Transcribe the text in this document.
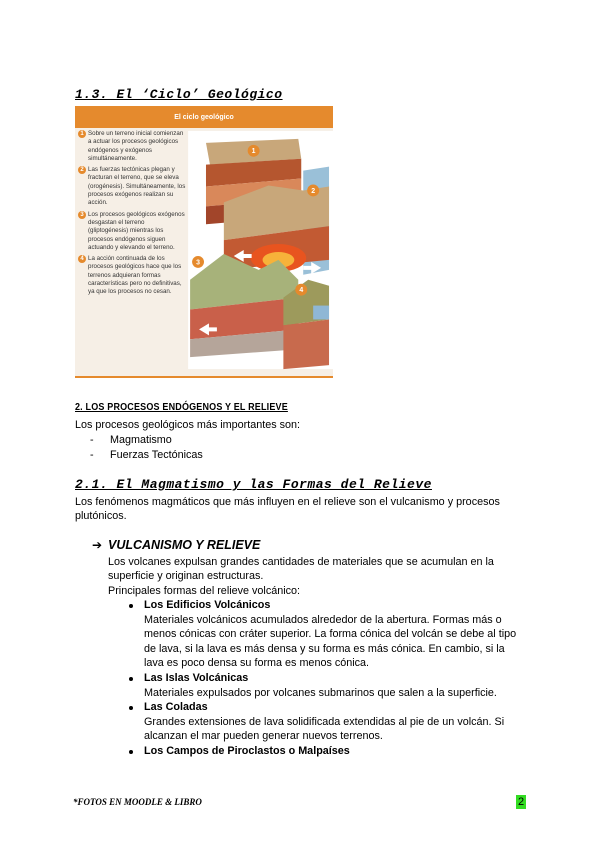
1.3. El ‘Ciclo’ Geológico
El ciclo geológico

1 Sobre un terreno inicial comienzan a actuar los procesos geológicos endógenos y exógenos simultáneamente.

2 Las fuerzas tectónicas plegan y fracturan el terreno, que se eleva (orogénesis). Simultáneamente, los procesos exógenos realizan su acción.

3 Los procesos geológicos exógenos desgastan el terreno (gliptogénesis) mientras los procesos endógenos siguen actuando y elevando el terreno.

4 La acción continuada de los procesos geológicos hace que los terrenos adquieran formas características pero no definitivas, ya que los procesos no cesan.

1
2
3
4
2. LOS PROCESOS ENDÓGENOS Y EL RELIEVE
Los procesos geológicos más importantes son:
- Magmatismo
- Fuerzas Tectónicas
2.1. El Magmatismo y las Formas del Relieve
Los fenómenos magmáticos que más influyen en el relieve son el vulcanismo y procesos
plutónicos.
➔ VULCANISMO Y RELIEVE
Los volcanes expulsan grandes cantidades de materiales que se acumulan en la
superficie y originan estructuras.
Principales formas del relieve volcánico:
Los Edificios Volcánicos
Materiales volcánicos acumulados alrededor de la abertura. Formas más o
menos cónicas con cráter superior. La forma cónica del volcán se debe al tipo
de lava, si la lava es más densa y su forma es más cónica. En cambio, si la
lava es poco densa su forma es menos cónica.
Las Islas Volcánicas
Materiales expulsados por volcanes submarinos que salen a la superficie.
Las Coladas
Grandes extensiones de lava solidificada extendidas al pie de un volcán. Si
alcanzan el mar pueden generar nuevos terrenos.
Los Campos de Piroclastos o Malpaíses
*FOTOS EN MOODLE & LIBRO	2
